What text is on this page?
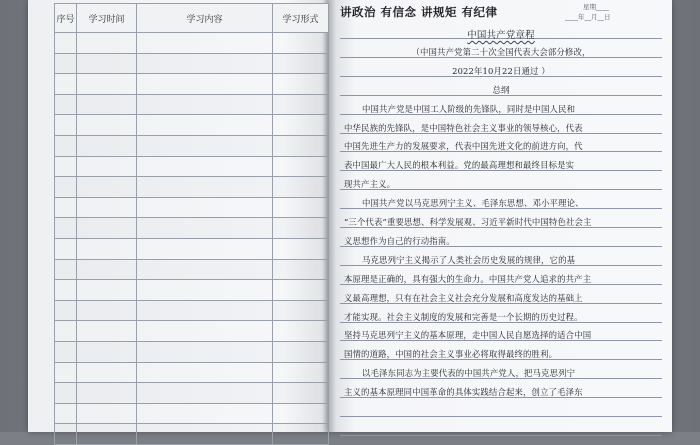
序号	学习时间	学习内容	学习形式

讲政治 有信念 讲规矩 有纪律	星期____
____年__月__日
中国共产党章程
（中国共产党第二十次全国代表大会部分修改，
2022年10月22日通过 ）
总纲
中国共产党是中国工人阶级的先锋队，同时是中国人民和
中华民族的先锋队，是中国特色社会主义事业的领导核心，代表
中国先进生产力的发展要求，代表中国先进文化的前进方向，代
表中国最广大人民的根本利益。党的最高理想和最终目标是实
现共产主义。
中国共产党以马克思列宁主义、毛泽东思想、邓小平理论、
“三个代表”重要思想、科学发展观、习近平新时代中国特色社会主
义思想作为自己的行动指南。
马克思列宁主义揭示了人类社会历史发展的规律，它的基
本原理是正确的，具有强大的生命力。中国共产党人追求的共产主
义最高理想，只有在社会主义社会充分发展和高度发达的基础上
才能实现。社会主义制度的发展和完善是一个长期的历史过程。
坚持马克思列宁主义的基本原理，走中国人民自愿选择的适合中国
国情的道路，中国的社会主义事业必将取得最终的胜利。
以毛泽东同志为主要代表的中国共产党人，把马克思列宁
主义的基本原理同中国革命的具体实践结合起来，创立了毛泽东
